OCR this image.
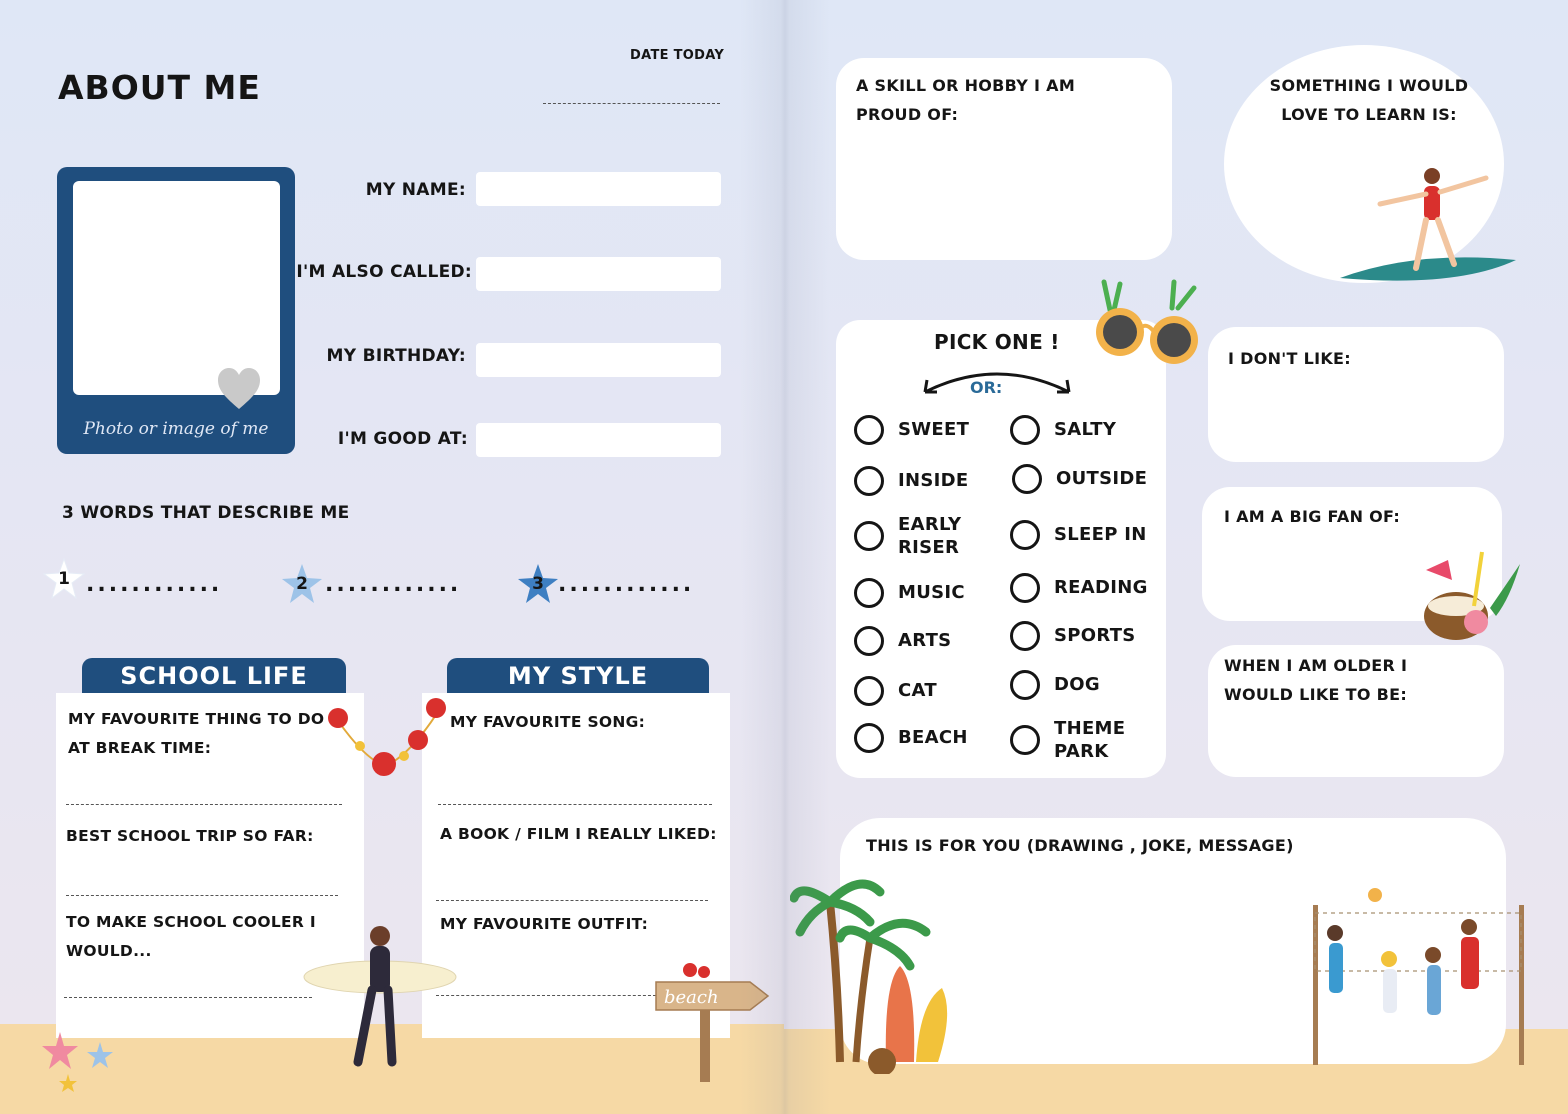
ABOUT ME
DATE TODAY
Photo or image of me
MY NAME:
I'M ALSO CALLED:
MY BIRTHDAY:
I'M GOOD AT:
3 WORDS THAT DESCRIBE ME
1 ............	2 ............	3 ............
SCHOOL LIFE
MY FAVOURITE THING TO DO AT BREAK TIME:
BEST SCHOOL TRIP SO FAR:
TO MAKE SCHOOL COOLER I WOULD...
MY STYLE
MY FAVOURITE SONG:
A BOOK / FILM I REALLY LIKED:
MY FAVOURITE OUTFIT:
beach
A SKILL OR HOBBY I AM PROUD OF:
SOMETHING I WOULD LOVE TO LEARN IS:
PICK ONE !
OR:
SWEET
INSIDE
EARLY RISER
MUSIC
ARTS
CAT
BEACH
SALTY
OUTSIDE
SLEEP IN
READING
SPORTS
DOG
THEME PARK
I DON'T LIKE:
I AM A BIG FAN OF:
WHEN I AM OLDER I WOULD LIKE TO BE:
THIS IS FOR YOU (DRAWING , JOKE, MESSAGE)
